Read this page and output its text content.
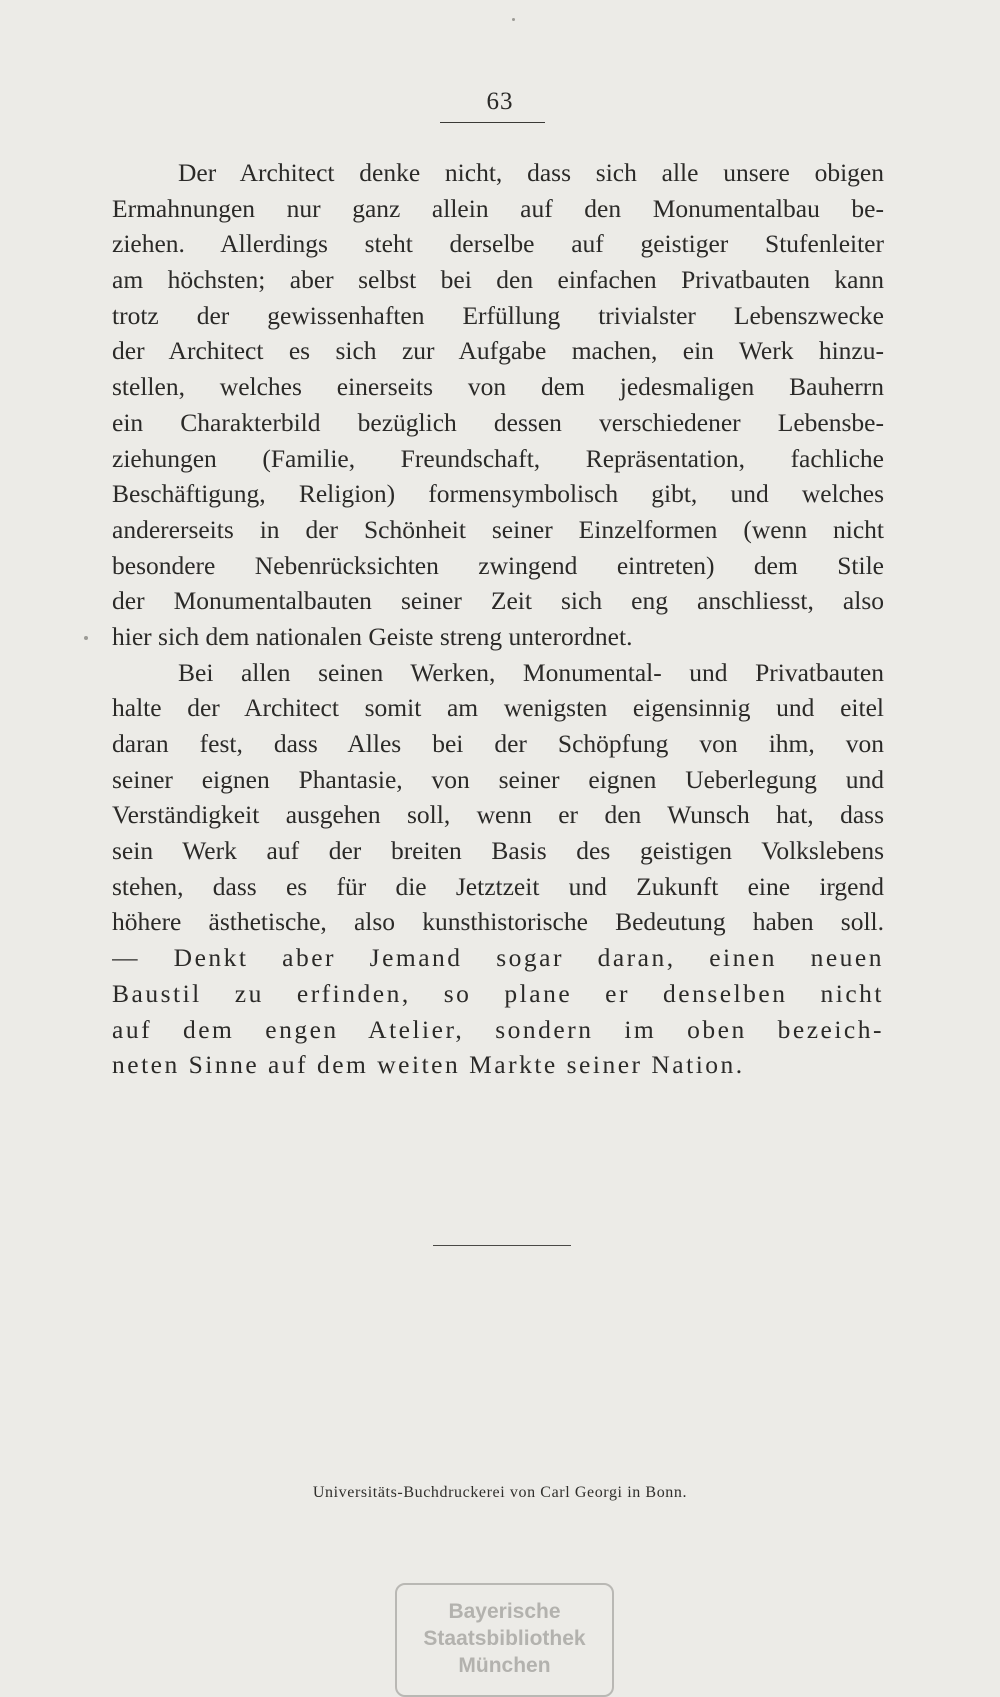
63
Der Architect denke nicht, dass sich alle unsere obigen
Ermahnungen nur ganz allein auf den Monumentalbau be-
ziehen. Allerdings steht derselbe auf geistiger Stufenleiter
am höchsten; aber selbst bei den einfachen Privatbauten kann
trotz der gewissenhaften Erfüllung trivialster Lebenszwecke
der Architect es sich zur Aufgabe machen, ein Werk hinzu-
stellen, welches einerseits von dem jedesmaligen Bauherrn
ein Charakterbild bezüglich dessen verschiedener Lebensbe-
ziehungen (Familie, Freundschaft, Repräsentation, fachliche
Beschäftigung, Religion) formensymbolisch gibt, und welches
andererseits in der Schönheit seiner Einzelformen (wenn nicht
besondere Nebenrücksichten zwingend eintreten) dem Stile
der Monumentalbauten seiner Zeit sich eng anschliesst, also
hier sich dem nationalen Geiste streng unterordnet.
Bei allen seinen Werken, Monumental- und Privatbauten
halte der Architect somit am wenigsten eigensinnig und eitel
daran fest, dass Alles bei der Schöpfung von ihm, von
seiner eignen Phantasie, von seiner eignen Ueberlegung und
Verständigkeit ausgehen soll, wenn er den Wunsch hat, dass
sein Werk auf der breiten Basis des geistigen Volkslebens
stehen, dass es für die Jetztzeit und Zukunft eine irgend
höhere ästhetische, also kunsthistorische Bedeutung haben soll.
— Denkt aber Jemand sogar daran, einen neuen
Baustil zu erfinden, so plane er denselben nicht
auf dem engen Atelier, sondern im oben bezeich-
neten Sinne auf dem weiten Markte seiner Nation.
Universitäts-Buchdruckerei von Carl Georgi in Bonn.
Bayerische
Staatsbibliothek
München
